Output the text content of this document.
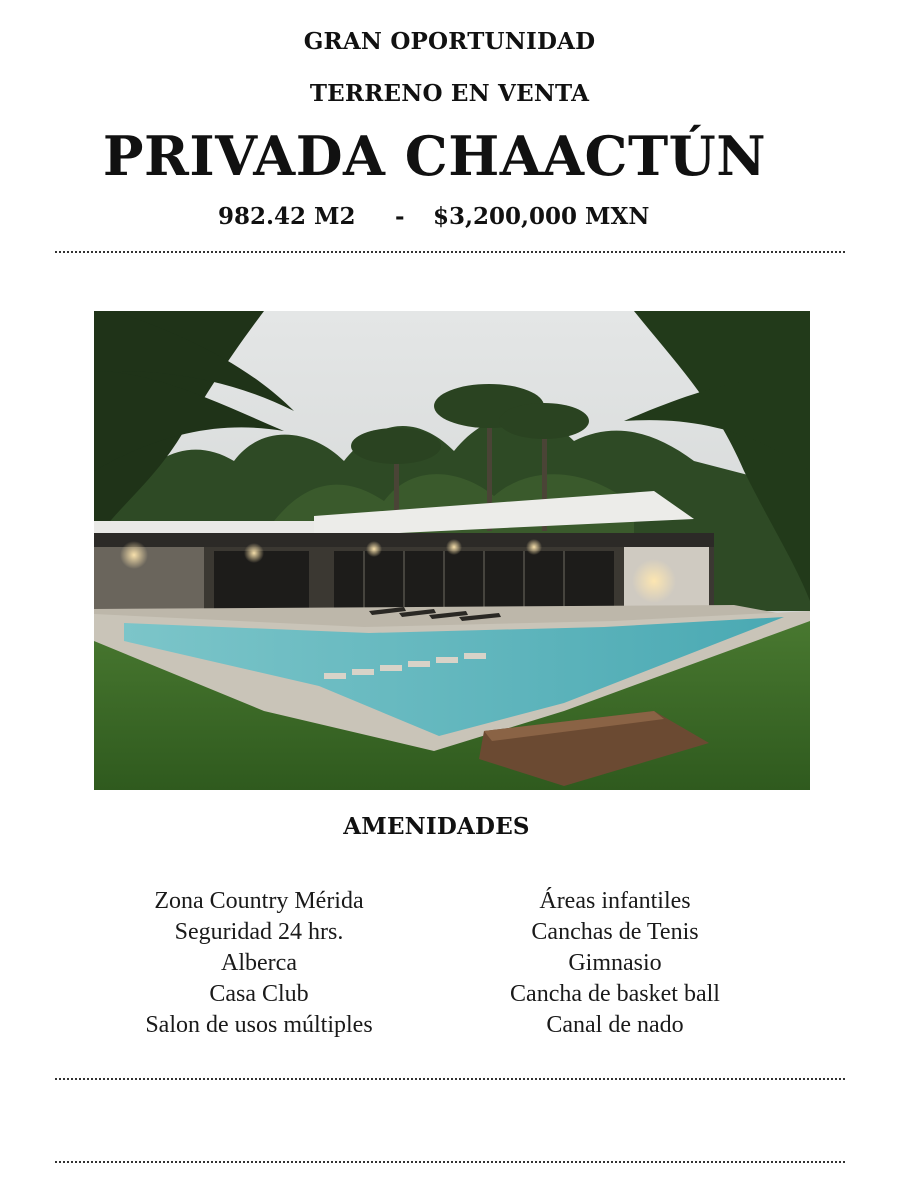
GRAN OPORTUNIDAD
TERRENO EN VENTA
PRIVADA CHAACTÚN
982.42 M2 - $3,200,000 MXN
AMENIDADES
Zona Country Mérida
Seguridad 24 hrs.
Alberca
Casa Club
Salon de usos múltiples
Áreas infantiles
Canchas de Tenis
Gimnasio
Cancha de basket ball
Canal de nado
